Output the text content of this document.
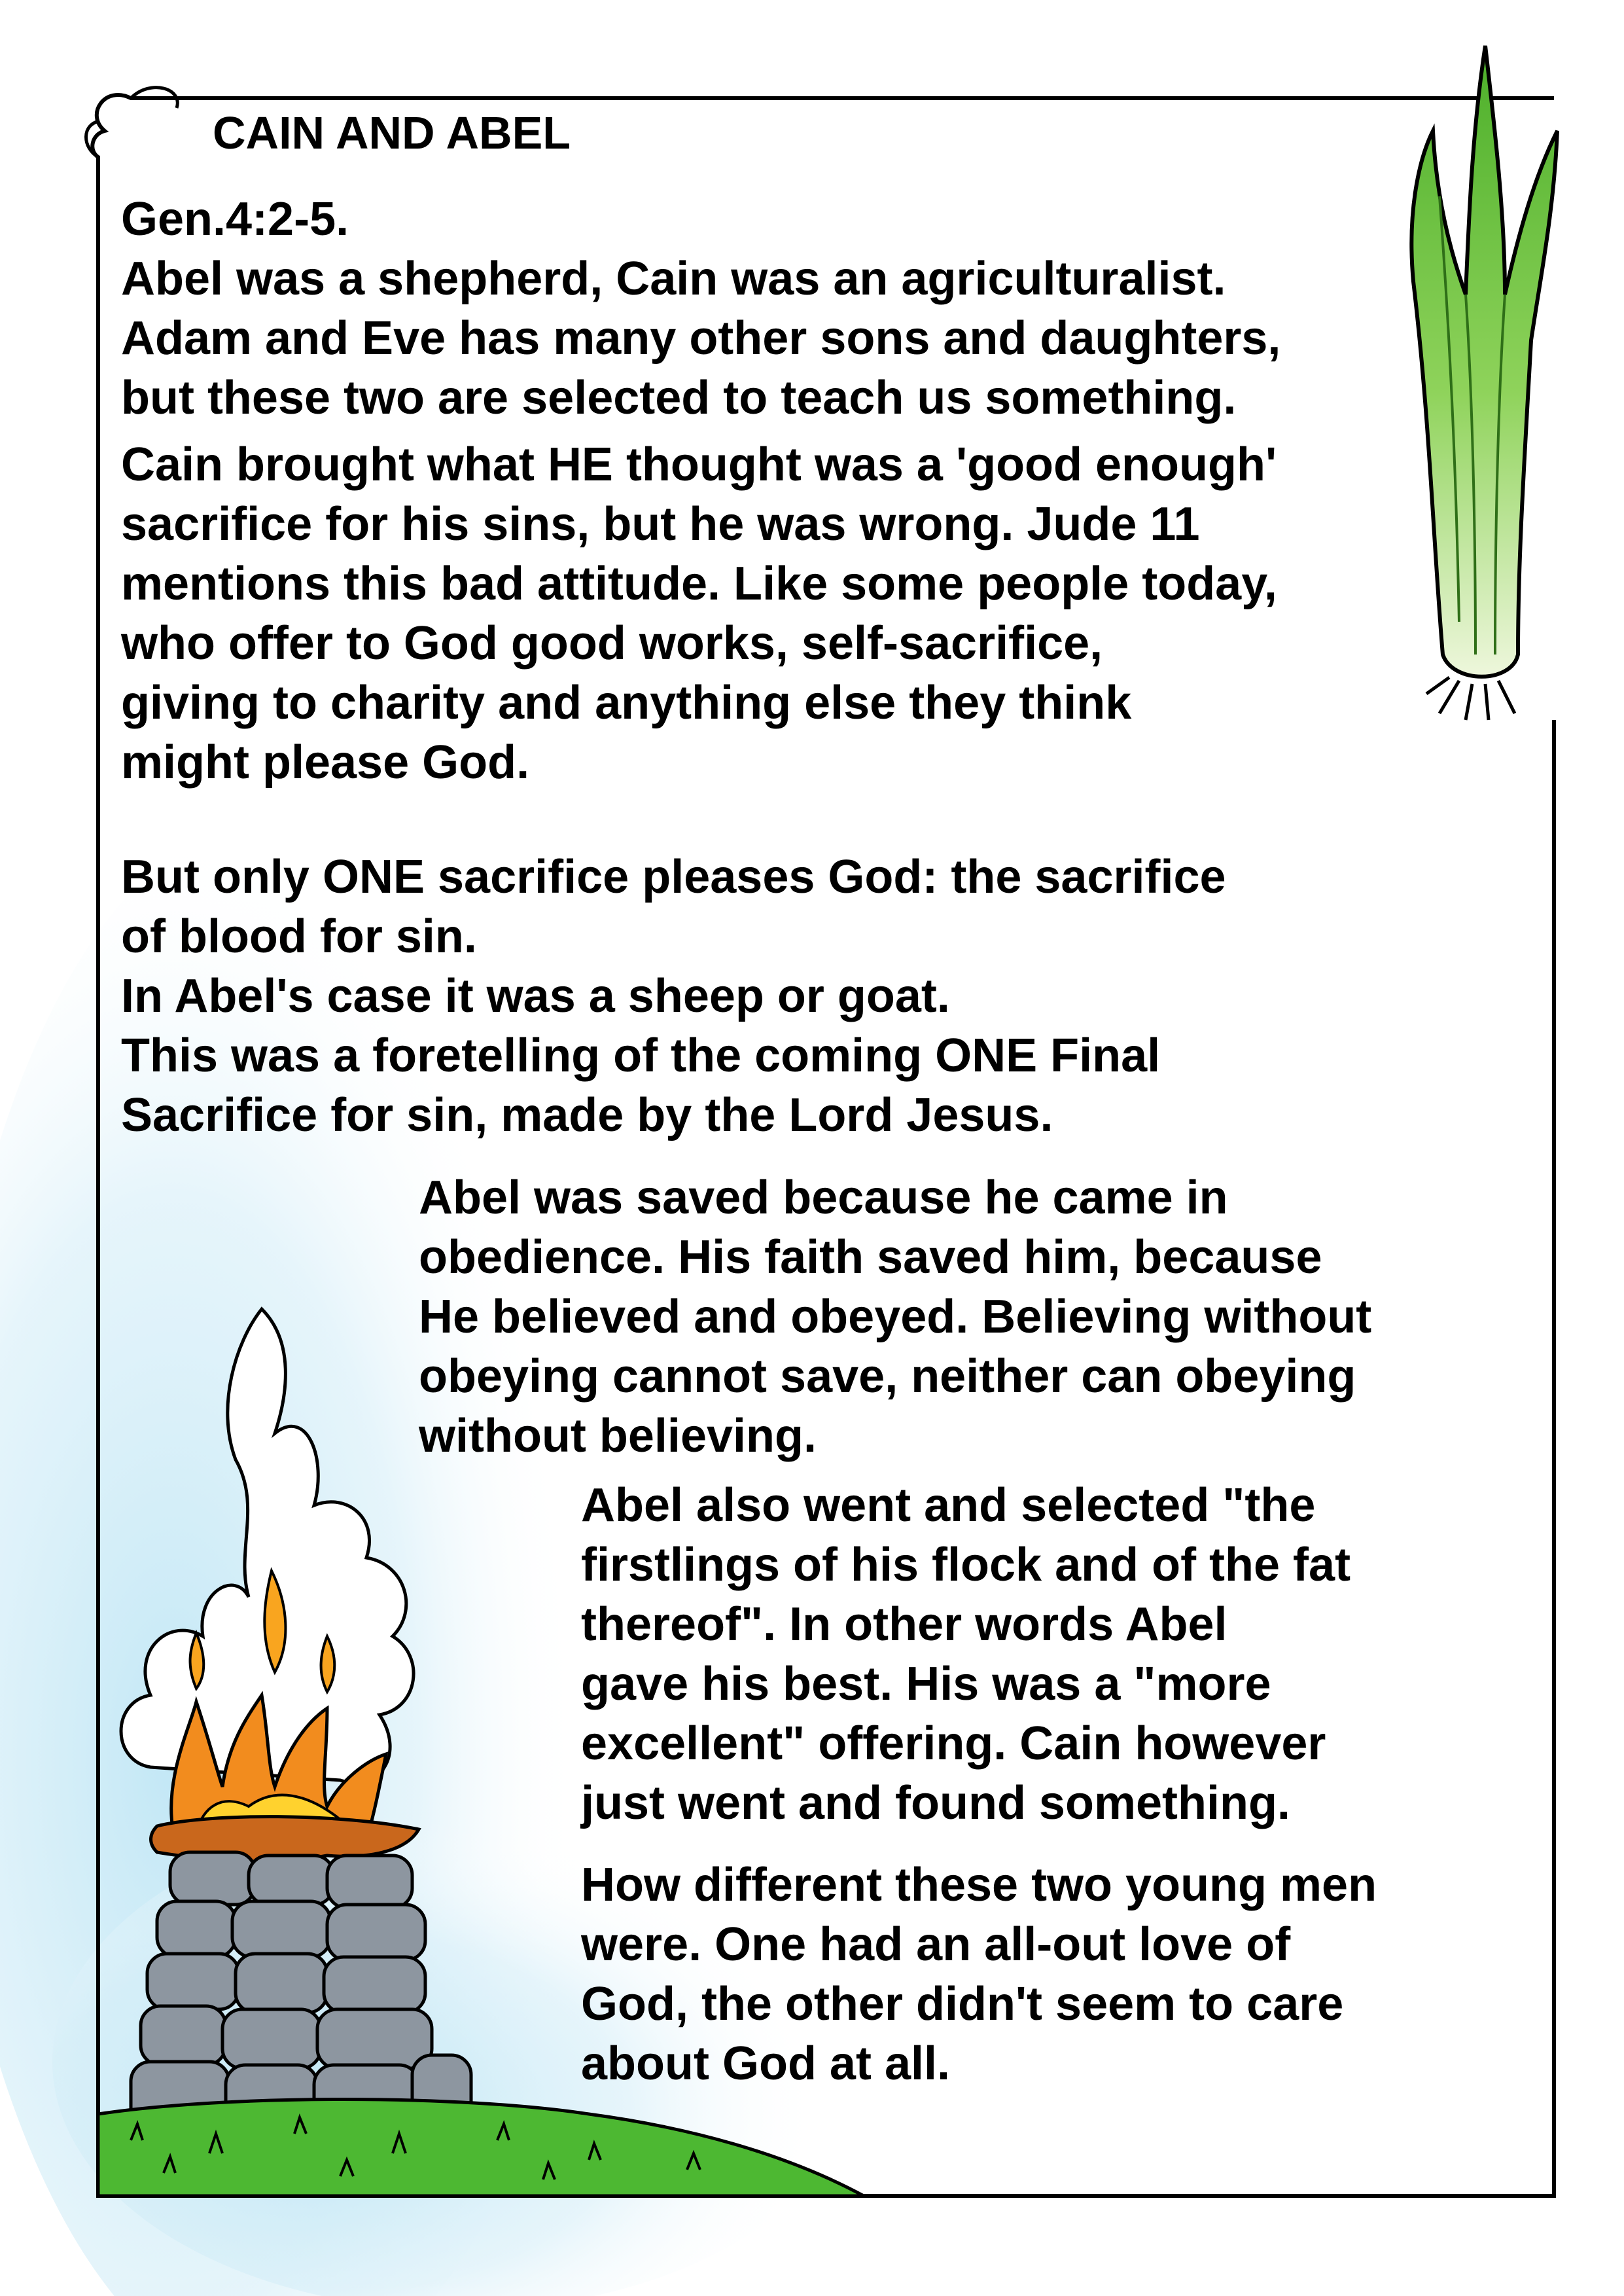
CAIN AND ABEL
Gen.4:2-5.
Abel was a shepherd, Cain was an agriculturalist.
Adam and Eve has many other sons and daughters,
but these two are selected to teach us something.
Cain brought what HE thought was a 'good enough'
sacrifice for his sins, but he was wrong. Jude 11
mentions this bad attitude. Like some people today,
who offer to God good works, self-sacrifice,
giving to charity and anything else they think
might please God.
But only ONE sacrifice pleases God: the sacrifice
of blood for sin.
In Abel's case it was a sheep or goat.
This was a foretelling of the coming ONE Final
Sacrifice for sin, made by the Lord Jesus.
Abel was saved because he came in
obedience. His faith saved him, because
He believed and obeyed. Believing without
obeying cannot save, neither can obeying
without believing.
Abel also went and selected "the
firstlings of his flock and of the fat
thereof". In other words Abel
gave his best. His was a "more
excellent" offering. Cain however
just went and found something.
How different these two young men
were. One had an all-out love of
God, the other didn't seem to care
about God at all.
